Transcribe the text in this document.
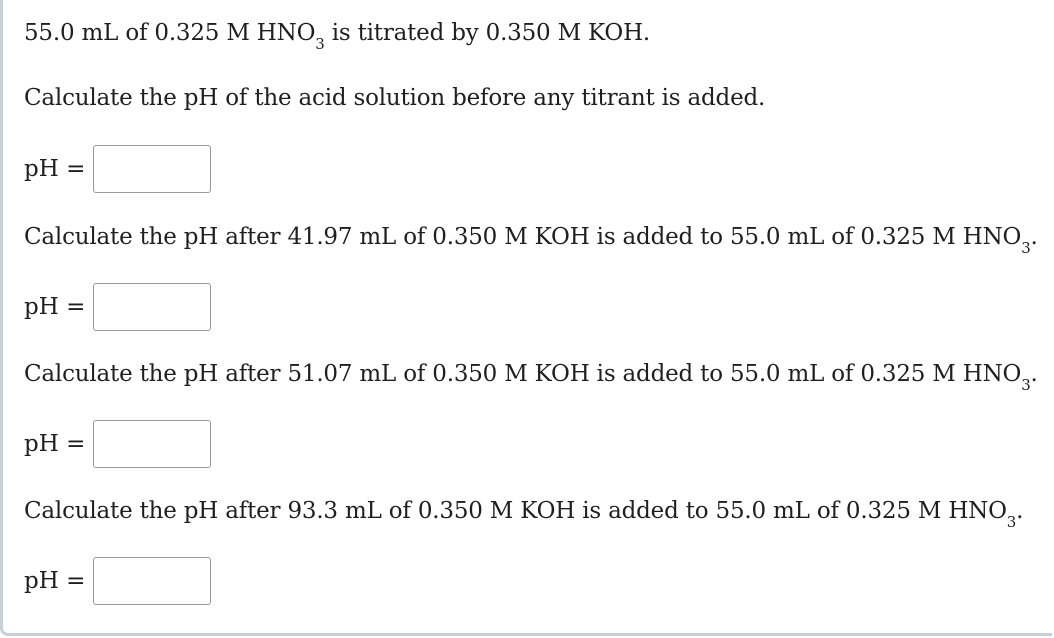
55.0 mL of 0.325 M $HNO_3$ is titrated by 0.350 M KOH.
Calculate the pH of the acid solution before any titrant is added.
pH =
Calculate the pH after 41.97 mL of 0.350 M KOH is added to 55.0 mL of 0.325 M $HNO_3$.
pH =
Calculate the pH after 51.07 mL of 0.350 M KOH is added to 55.0 mL of 0.325 M $HNO_3$.
pH =
Calculate the pH after 93.3 mL of 0.350 M KOH is added to 55.0 mL of 0.325 M $HNO_3$.
pH =
